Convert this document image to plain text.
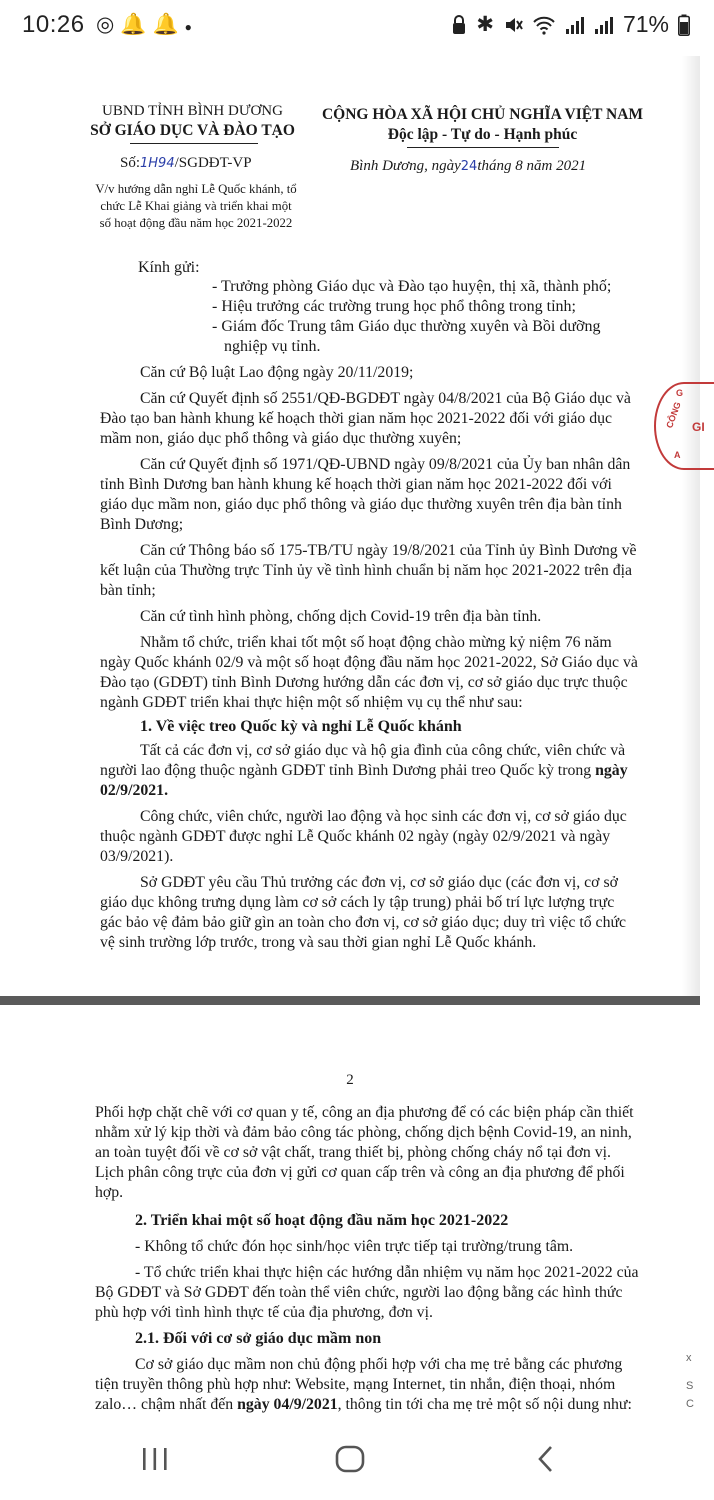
10:26 ◎🔔🔔●	✱	71%
G
GI
CÔNG
A
UBND TỈNH BÌNH DƯƠNG
SỞ GIÁO DỤC VÀ ĐÀO TẠO
CỘNG HÒA XÃ HỘI CHỦ NGHĨA VIỆT NAM
Độc lập - Tự do - Hạnh phúc
Số:1H94/SGDĐT-VP	Bình Dương, ngày24tháng 8 năm 2021
V/v hướng dẫn nghỉ Lễ Quốc khánh, tổ
chức Lễ Khai giảng và triển khai một
số hoạt động đầu năm học 2021-2022
Kính gửi:
- Trưởng phòng Giáo dục và Đào tạo huyện, thị xã, thành phố;
- Hiệu trưởng các trường trung học phổ thông trong tỉnh;
- Giám đốc Trung tâm Giáo dục thường xuyên và Bồi dưỡng
nghiệp vụ tỉnh.

Căn cứ Bộ luật Lao động ngày 20/11/2019;

Căn cứ Quyết định số 2551/QĐ-BGDĐT ngày 04/8/2021 của Bộ Giáo dục và Đào tạo ban hành khung kế hoạch thời gian năm học 2021-2022 đối với giáo dục mầm non, giáo dục phổ thông và giáo dục thường xuyên;

Căn cứ Quyết định số 1971/QĐ-UBND ngày 09/8/2021 của Ủy ban nhân dân tỉnh Bình Dương ban hành khung kế hoạch thời gian năm học 2021-2022 đối với giáo dục mầm non, giáo dục phổ thông và giáo dục thường xuyên trên địa bàn tỉnh Bình Dương;

Căn cứ Thông báo số 175-TB/TU ngày 19/8/2021 của Tỉnh ủy Bình Dương về kết luận của Thường trực Tỉnh ủy về tình hình chuẩn bị năm học 2021-2022 trên địa bàn tỉnh;

Căn cứ tình hình phòng, chống dịch Covid-19 trên địa bàn tỉnh.

Nhằm tổ chức, triển khai tốt một số hoạt động chào mừng kỷ niệm 76 năm ngày Quốc khánh 02/9 và một số hoạt động đầu năm học 2021-2022, Sở Giáo dục và Đào tạo (GDĐT) tỉnh Bình Dương hướng dẫn các đơn vị, cơ sở giáo dục trực thuộc ngành GDĐT triển khai thực hiện một số nhiệm vụ cụ thể như sau:

1. Về việc treo Quốc kỳ và nghỉ Lễ Quốc khánh

Tất cả các đơn vị, cơ sở giáo dục và hộ gia đình của công chức, viên chức và người lao động thuộc ngành GDĐT tỉnh Bình Dương phải treo Quốc kỳ trong ngày 02/9/2021.

Công chức, viên chức, người lao động và học sinh các đơn vị, cơ sở giáo dục thuộc ngành GDĐT được nghỉ Lễ Quốc khánh 02 ngày (ngày 02/9/2021 và ngày 03/9/2021).

Sở GDĐT yêu cầu Thủ trưởng các đơn vị, cơ sở giáo dục (các đơn vị, cơ sở giáo dục không trưng dụng làm cơ sở cách ly tập trung) phải bố trí lực lượng trực gác bảo vệ đảm bảo giữ gìn an toàn cho đơn vị, cơ sở giáo dục; duy trì việc tổ chức vệ sinh trường lớp trước, trong và sau thời gian nghỉ Lễ Quốc khánh.

2

Phối hợp chặt chẽ với cơ quan y tế, công an địa phương để có các biện pháp cần thiết nhằm xử lý kịp thời và đảm bảo công tác phòng, chống dịch bệnh Covid-19, an ninh, an toàn tuyệt đối về cơ sở vật chất, trang thiết bị, phòng chống cháy nổ tại đơn vị. Lịch phân công trực của đơn vị gửi cơ quan cấp trên và công an địa phương để phối hợp.

2. Triển khai một số hoạt động đầu năm học 2021-2022

- Không tổ chức đón học sinh/học viên trực tiếp tại trường/trung tâm.

- Tổ chức triển khai thực hiện các hướng dẫn nhiệm vụ năm học 2021-2022 của Bộ GDĐT và Sở GDĐT đến toàn thể viên chức, người lao động bằng các hình thức phù hợp với tình hình thực tế của địa phương, đơn vị.

2.1. Đối với cơ sở giáo dục mầm non

Cơ sở giáo dục mầm non chủ động phối hợp với cha mẹ trẻ bằng các phương tiện truyền thông phù hợp như: Website, mạng Internet, tin nhắn, điện thoại, nhóm zalo… chậm nhất đến ngày 04/9/2021, thông tin tới cha mẹ trẻ một số nội dung như:

x
S
C
